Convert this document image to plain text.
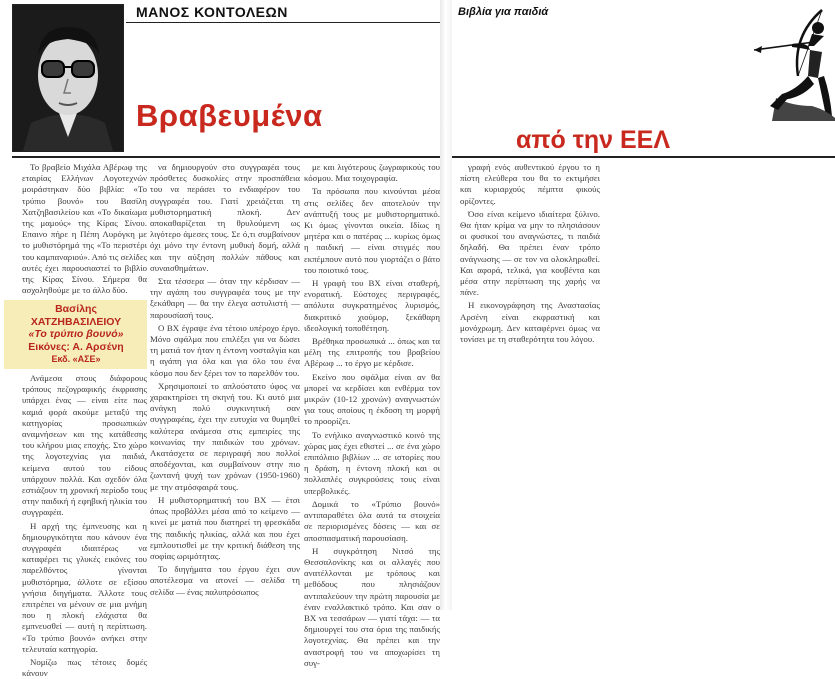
ΜΑΝΟΣ ΚΟΝΤΟΛΕΩΝ
Βραβευμένα

Το βραβείο Μιχάλα Αβέρωφ της εταιρίας Ελλήνων Λογοτεχνών μοιράστηκαν δύο βιβλία: «Το τρύπιο βουνό» του Βασίλη Χατζηβασιλείου και «Το δικαίωμα της μαμούς» της Κίρας Σίνου. Επαινο πήρε η Πέπη Λυρόγκη με το μυθιστόρημά της «Το περιστέρι του καμπαναριού». Από τις σελίδες αυτές έχει παρουσιαστεί το βιβλίο της Κίρας Σίνου. Σήμερα θα ασχοληθούμε με το άλλο δύο.

Βασίλης
ΧΑΤΖΗΒΑΣΙΛΕΙΟΥ
«Το τρύπιο βουνό»
Εικόνες: Α. Αρσένη
Εκδ. «ΑΣΕ»

Ανάμεσα στους διάφορους τρόπους πεζογραφικής έκφρασης υπάρχει ένας — είναι είτε πως καμιά φορά ακούμε μεταξύ της κατηγορίας προσωπικών αναμνήσεων και της κατάθεσης του κλήρου μιας εποχής. Στο χώρο της λογοτεχνίας για παιδιά, κείμενα αυτού του είδους υπάρχουν πολλά. Και σχεδόν όλα εστιάζουν τη χρονική περίοδο τους στην παιδική ή εφηβική ηλικία του συγγραφέα.

Η αρχή της έμπνευσης και η δημιουργικότητα που κάνουν ένα συγγραφέα ιδιαιτέρως να καταφέρει τις γλυκές εικόνες του παρελθόντος γίνονται μυθιστόρημα, άλλοτε σε εξίσου γνήσια διηγήματα. Άλλοτε τους επιτρέπει να μένουν σε μια μνήμη που η πλοκή ελάχιστα θα εμπνευσθεί — αυτή η περίπτωση. «Το τρύπιο βουνό» ανήκει στην τελευταία κατηγορία.

Νομίζω πως τέτοιες δομές κάνουν

να δημιουργούν στο συγγραφέα τους πρόσθετες δυσκολίες στην προσπάθεια του να περάσει το ενδιαφέρον του συγγραφέα του. Γιατί χρειάζεται τη μυθιστορηματική πλοκή. Δεν αποκαθαρίζεται τη θρυλούμενη ως λιγότερο άμεσες τους. Σε ό,τι συμβαίνουν όχι μόνο την έντονη μυθική δομή, αλλά και την αύξηση πολλών πάθους και συναισθημάτων.

Στα τέσσερα — όταν την κέρδισαν — την αγάπη του συγγραφέα τους με την ξεκάθαρη — θα την έλεγα αστυλιστή — παρουσίασή τους.

Ο ΒΧ έγραψε ένα τέτοιο υπέροχο έργο. Μόνο σφάλμα που επιλέξει για να δώσει τη ματιά τον ήταν η έντονη νοσταλγία και η αγάπη για όλα και για όλο του ένα κόσμο που δεν ξέρει τον το παρελθόν του.

Χρησιμοποιεί το απλούστατο ύφος να χαρακτηρίσει τη σκηνή του. Κι αυτό μια ανάγκη πολύ συγκινητική σαν συγγραφέας, έχει την ευτυχία να θυμηθεί καλύτερα ανάμεσα στις εμπειρίες της κοινωνίας την παιδικών του χρόνων. Ακατάσχετα σε περιγραφή που πολλοί αποδέχονται, και συμβαίνουν στην πιο ζωντανή ψυχή των χρόνων (1950-1960) με την ατμόσφαιρά τους.

Η μυθιστορηματική του ΒΧ — έτσι όπως προβάλλει μέσα από το κείμενο — κινεί με ματιά που διατηρεί τη φρεσκάδα της παιδικής ηλικίας, αλλά και που έχει εμπλουτισθεί με την κριτική διάθεση της σοφίας ωριμότητας.

Το διηγήματα του έργου έχει συν αποτέλεσμα να ατονεί — σελίδα τη σελίδα — ένας παλυπρόσωπος

με και λιγότερους ζωγραφικούς του κόσμου. Μια τοιχογραφία.

Τα πρόσωπα που κινούνται μέσα στις σελίδες δεν αποτελούν την ανάπτυξή τους με μυθιστορηματικό. Κι όμως γίνονται οικεία. Ιδίως η μητέρα και ο πατέρας ... κυρίως όμως η παιδική — είναι στιγμές που εκπέμπουν αυτό που γιορτάζει ο βάτο του ποιοτικό τους.

Η γραφή του ΒΧ είναι σταθερή, ενορατική. Εύστοχες περιγραφές, απόλυτα συγκρατημένος λυρισμός, διακριτικό χιούμορ, ξεκάθαρη ιδεολογική τοποθέτηση.

Βρέθηκα προσωπικά ... όπως και τα μέλη της επιτροπής του βραβείου Αβέρωφ ... το έργο με κέρδισε.

Εκείνο που σφάλμα είναι αν θα μπορεί να κερδίσει και ενθέρμα τον μικρών (10-12 χρονών) αναγνωστών για τους οποίους η έκδοση τη μορφή το προορίζει.

Το ενήλικο αναγνωστικό κοινό της χώρας μας έχει εθιστεί ... σε ένα χώρο επιπόλαιο βιβλίων ... σε ιστορίες που η δράση, η έντονη πλοκή και οι πολλαπλές συγκρούσεις τους είναι υπερβολικές.

Δομικά το «Τρύπιο βουνό» αντιπαραθέτει όλα αυτά τα στοιχεία σε περιορισμένες δόσεις — και σε αποσπασματική παρουσίαση.

Η συγκρότηση Νιτσό της Θεσσαλονίκης και οι αλλαγές που ανατέλλονται με τρόπους και μεθόδους που πλησιάζουν αντιπαλεύουν την πρώτη παρουσία με έναν εναλλακτικό τρόπο. Και σαν ο ΒΧ να τεσσάρων — γιατί τάχα: — τα δημιουργεί του στα όρια της παιδικής λογοτεχνίας. Θα πρέπει και την αναστροφή του να αποχωρίσει τη συγ-

Βιβλία για παιδιά
από την ΕΕΛ

γραφή ενός αυθεντικού έργου το η πίστη ελεύθερα του θα το εκτιμήσει και κυριαρχούς πέμπτα φικούς ορίζοντες.

Όσο είναι κείμενο ιδιαίτερα ξύλινο. Θα ήταν κρίμα να μην το πλησιάσουν οι φυσικοί του αναγνώστες, τι παιδιά δηλαδή. Θα πρέπει έναν τρόπο ανάγνωσης — σε τον να ολοκληρωθεί. Και αφορά, τελικά, για κουβέντα και μέσα στην περίπτωση της χαρής να πάνε.

Η εικονογράφηση της Αναστασίας Αρσένη είναι εκφραστική και μονόχρωμη. Δεν καταφέρνει όμως να τονίσει με τη σταθερότητα του λόγου.
